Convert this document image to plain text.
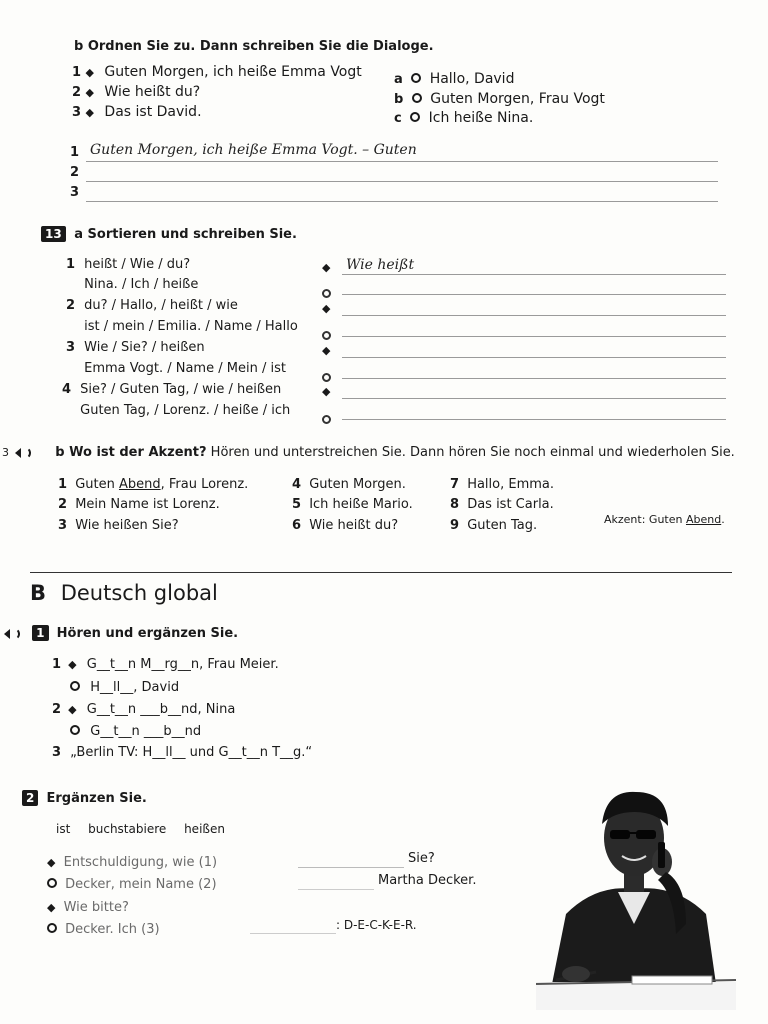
b Ordnen Sie zu. Dann schreiben Sie die Dialoge.
1 ◆ Guten Morgen, ich heiße Emma Vogt
2 ◆ Wie heißt du?
3 ◆ Das ist David.
a Hallo, David
b Guten Morgen, Frau Vogt
c Ich heiße Nina.
1 Guten Morgen, ich heiße Emma Vogt. – Guten
2
3
13 a Sortieren und schreiben Sie.
1 heißt / Wie / du?	◆ Wie heißt
Nina. / Ich / heiße
2 du? / Hallo, / heißt / wie	◆
ist / mein / Emilia. / Name / Hallo
3 Wie / Sie? / heißen	◆
Emma Vogt. / Name / Mein / ist
4 Sie? / Guten Tag, / wie / heißen	◆
Guten Tag, / Lorenz. / heiße / ich
3	b Wo ist der Akzent? Hören und unterstreichen Sie. Dann hören Sie noch einmal und wiederholen Sie.
1 Guten Abend, Frau Lorenz.
2 Mein Name ist Lorenz.
3 Wie heißen Sie?
4 Guten Morgen.
5 Ich heiße Mario.
6 Wie heißt du?
7 Hallo, Emma.
8 Das ist Carla.
9 Guten Tag.	Akzent: Guten Abend.
B Deutsch global
1 Hören und ergänzen Sie.
1 ◆ G__t__n M__rg__n, Frau Meier.
H__ll__, David
2 ◆ G__t__n ___b__nd, Nina
G__t__n ___b__nd
3 „Berlin TV: H__ll__ und G__t__n T__g.“
2 Ergänzen Sie.
ist buchstabiere heißen
◆ Entschuldigung, wie (1)	Sie?
Decker, mein Name (2)	Martha Decker.
◆ Wie bitte?
Decker. Ich (3)	: D-E-C-K-E-R.
